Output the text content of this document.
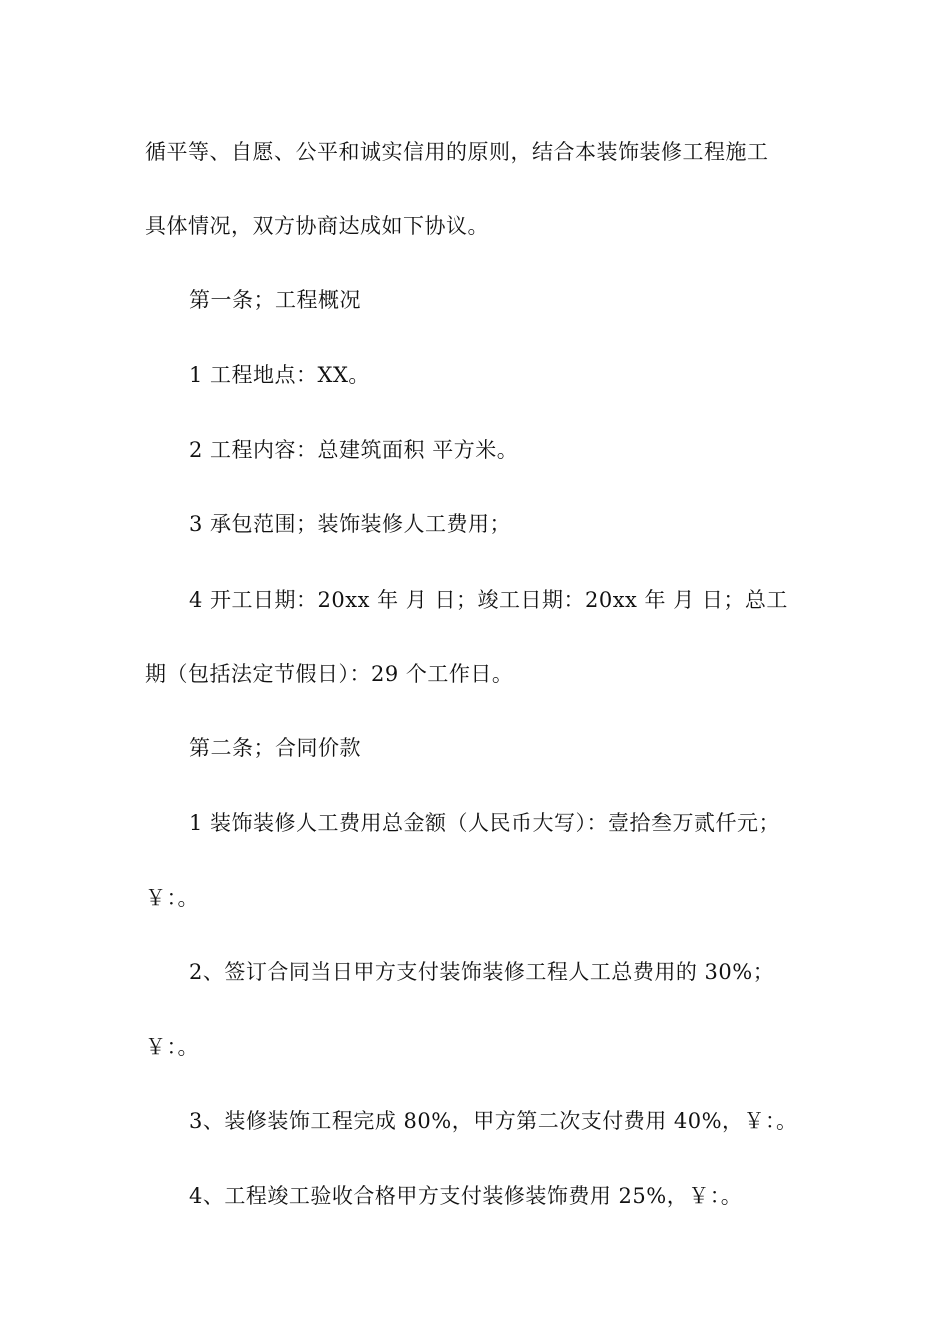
循平等、自愿、公平和诚实信用的原则，结合本装饰装修工程施工
具体情况，双方协商达成如下协议。
第一条；工程概况
1 工程地点：XX。
2 工程内容：总建筑面积 平方米。
3 承包范围；装饰装修人工费用；
4 开工日期：20xx 年 月 日；竣工日期：20xx 年 月 日；总工
期（包括法定节假日）：29 个工作日。
第二条；合同价款
1 装饰装修人工费用总金额（人民币大写）：壹拾叁万贰仟元；
￥：。
2、签订合同当日甲方支付装饰装修工程人工总费用的 30%；
￥：。
3、装修装饰工程完成 80%，甲方第二次支付费用 40%，￥：。
4、工程竣工验收合格甲方支付装修装饰费用 25%，￥：。
